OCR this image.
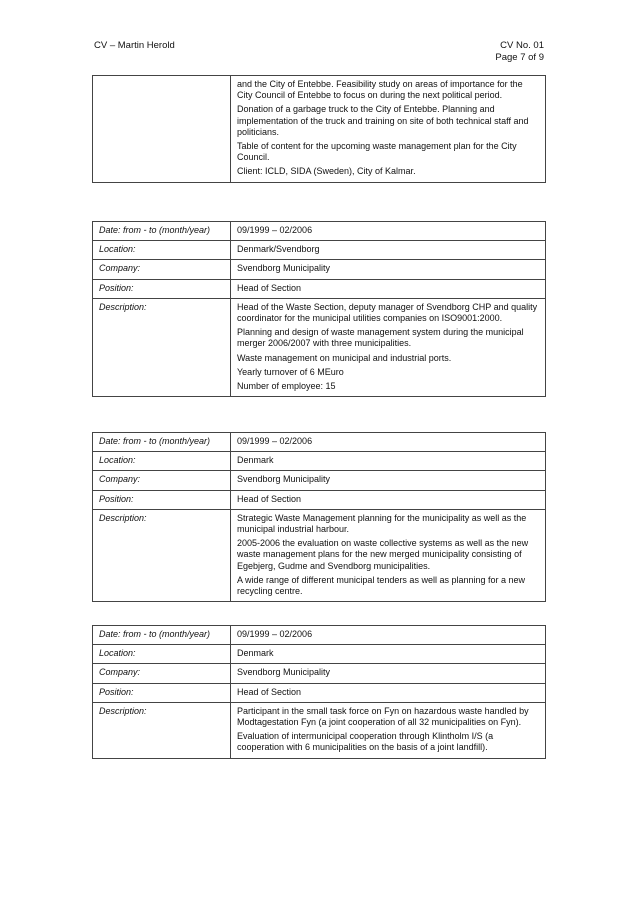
CV – Martin Herold	CV No. 01
Page 7 of 9

and the City of Entebbe. Feasibility study on areas of importance for the City Council of Entebbe to focus on during the next political period.

Donation of a garbage truck to the City of Entebbe. Planning and implementation of the truck and training on site of both technical staff and politicians.

Table of content for the upcoming waste management plan for the City Council.

Client: ICLD, SIDA (Sweden), City of Kalmar.

Date: from - to (month/year)	09/1999 – 02/2006
Location:	Denmark/Svendborg
Company:	Svendborg Municipality
Position:	Head of Section
Description:	Head of the Waste Section, deputy manager of Svendborg CHP and quality coordinator for the municipal utilities companies on ISO9001:2000.

Planning and design of waste management system during the municipal merger 2006/2007 with three municipalities.

Waste management on municipal and industrial ports.

Yearly turnover of 6 MEuro

Number of employee: 15

Date: from - to (month/year)	09/1999 – 02/2006
Location:	Denmark
Company:	Svendborg Municipality
Position:	Head of Section
Description:	Strategic Waste Management planning for the municipality as well as the municipal industrial harbour.

2005-2006 the evaluation on waste collective systems as well as the new waste management plans for the new merged municipality consisting of Egebjerg, Gudme and Svendborg municipalities.

A wide range of different municipal tenders as well as planning for a new recycling centre.

Date: from - to (month/year)	09/1999 – 02/2006
Location:	Denmark
Company:	Svendborg Municipality
Position:	Head of Section
Description:	Participant in the small task force on Fyn on hazardous waste handled by Modtagestation Fyn (a joint cooperation of all 32 municipalities on Fyn).

Evaluation of intermunicipal cooperation through Klintholm I/S (a cooperation with 6 municipalities on the basis of a joint landfill).
